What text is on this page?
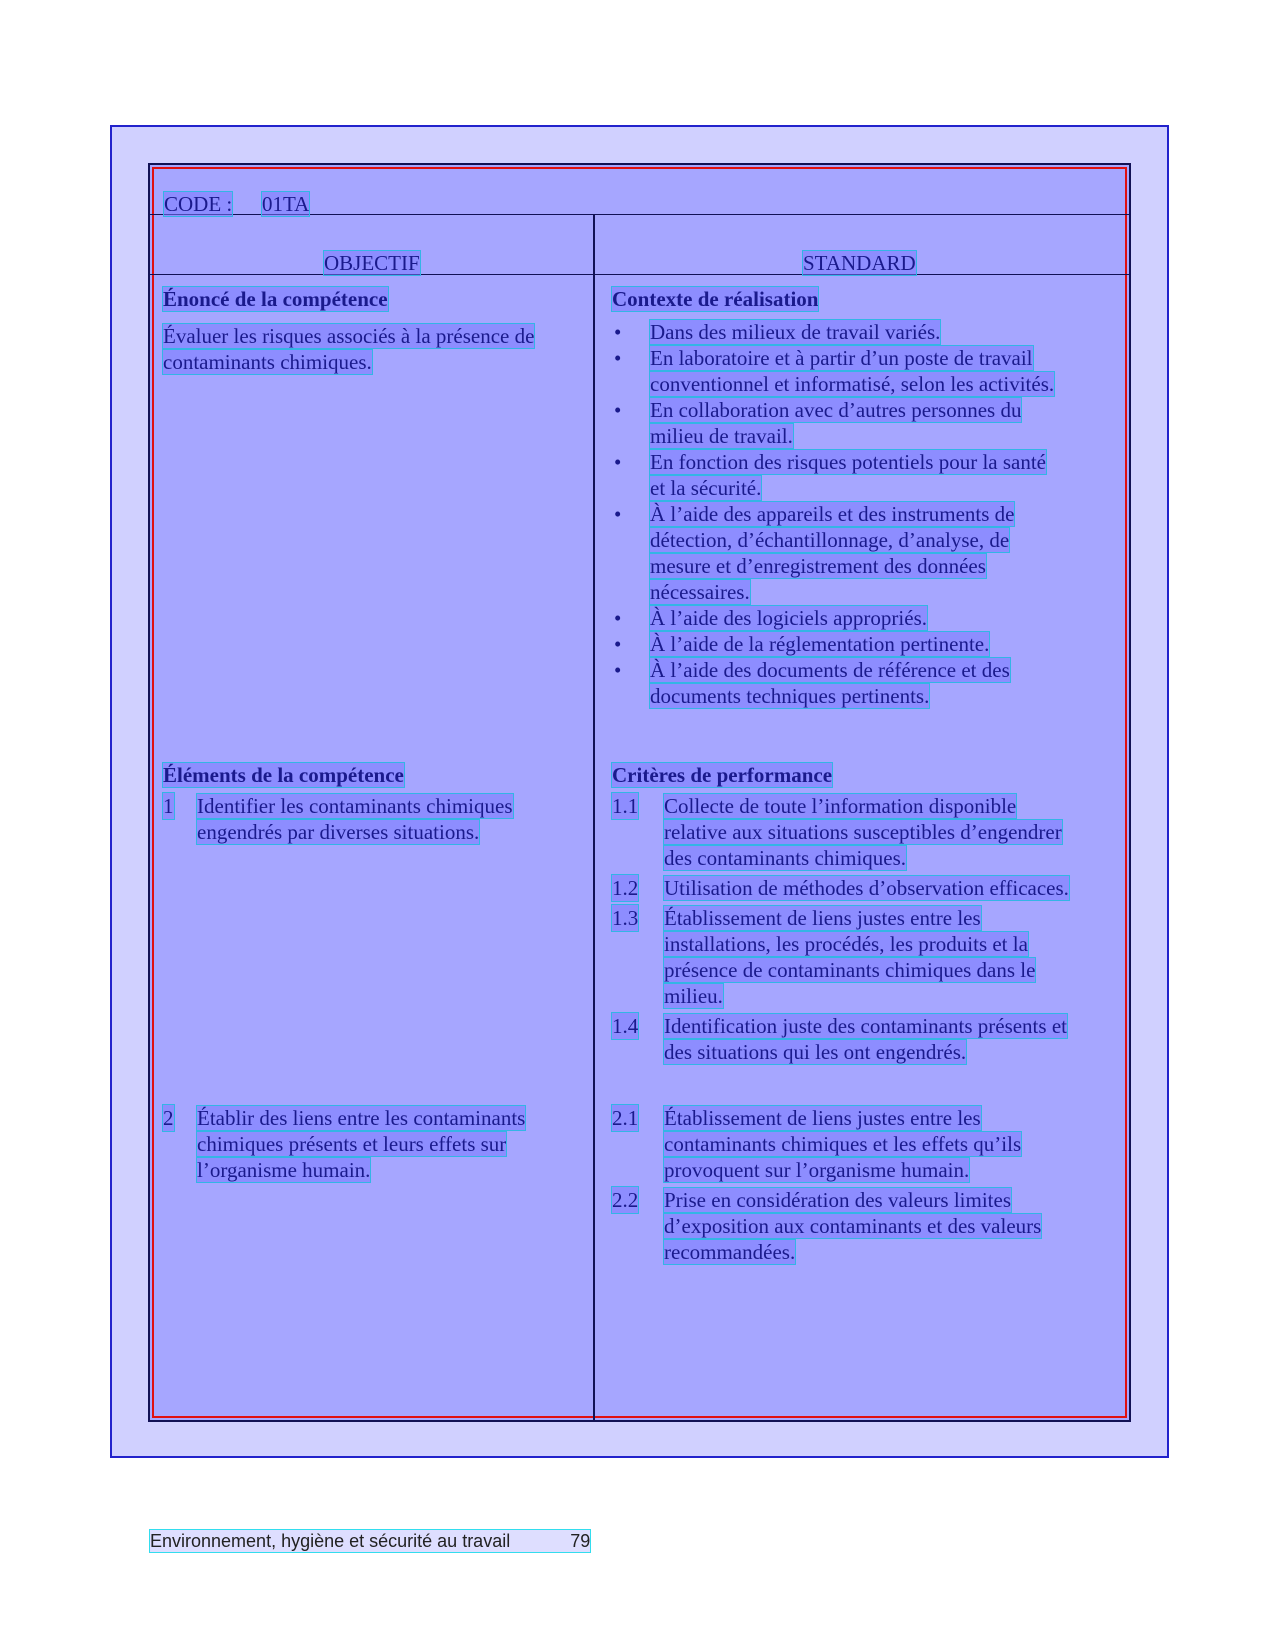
CODE : 01TA
OBJECTIF	STANDARD
Énoncé de la compétence
Évaluer les risques associés à la présence de
contaminants chimiques.
Contexte de réalisation
• Dans des milieux de travail variés.
• En laboratoire et à partir d’un poste de travail
conventionnel et informatisé, selon les activités.
• En collaboration avec d’autres personnes du
milieu de travail.
• En fonction des risques potentiels pour la santé
et la sécurité.
• À l’aide des appareils et des instruments de
détection, d’échantillonnage, d’analyse, de
mesure et d’enregistrement des données
nécessaires.
• À l’aide des logiciels appropriés.
• À l’aide de la réglementation pertinente.
• À l’aide des documents de référence et des
documents techniques pertinents.
Éléments de la compétence
1 Identifier les contaminants chimiques
engendrés par diverses situations.
2 Établir des liens entre les contaminants
chimiques présents et leurs effets sur
l’organisme humain.
Critères de performance
1.1 Collecte de toute l’information disponible
relative aux situations susceptibles d’engendrer
des contaminants chimiques.
1.2 Utilisation de méthodes d’observation efficaces.
1.3 Établissement de liens justes entre les
installations, les procédés, les produits et la
présence de contaminants chimiques dans le
milieu.
1.4 Identification juste des contaminants présents et
des situations qui les ont engendrés.
2.1 Établissement de liens justes entre les
contaminants chimiques et les effets qu’ils
provoquent sur l’organisme humain.
2.2 Prise en considération des valeurs limites
d’exposition aux contaminants et des valeurs
recommandées.
Environnement, hygiène et sécurité au travail	79
